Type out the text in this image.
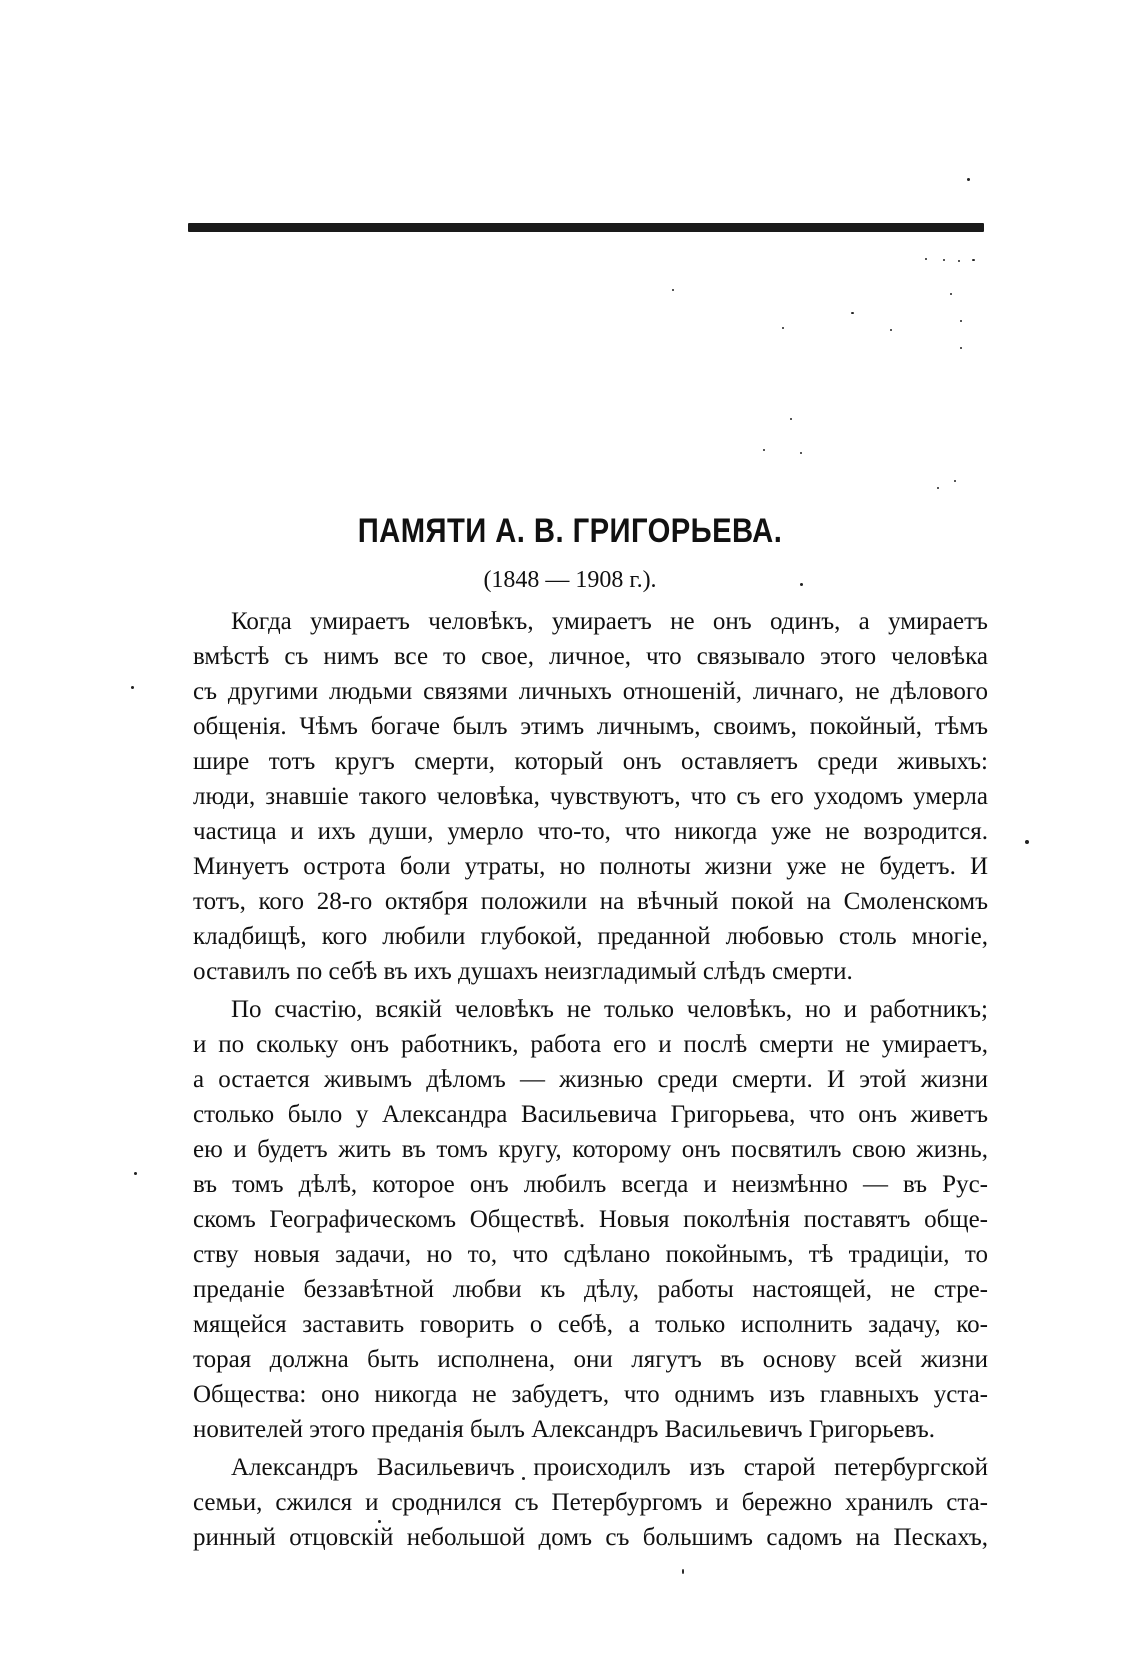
ПАМЯТИ А. В. ГРИГОРЬЕВА.

(1848 — 1908 г.).

Когда умираетъ человѣкъ, умираетъ не онъ одинъ, а умираетъ
вмѣстѣ съ нимъ все то свое, личное, что связывало этого человѣка
съ другими людьми связями личныхъ отношеній, личнаго, не дѣлового
общенія. Чѣмъ богаче былъ этимъ личнымъ, своимъ, покойный, тѣмъ
шире тотъ кругъ смерти, который онъ оставляетъ среди живыхъ:
люди, знавшіе такого человѣка, чувствуютъ, что съ его уходомъ умерла
частица и ихъ души, умерло что-то, что никогда уже не возродится.
Минуетъ острота боли утраты, но полноты жизни уже не будетъ. И
тотъ, кого 28-го октября положили на вѣчный покой на Смоленскомъ
кладбищѣ, кого любили глубокой, преданной любовью столь многіе,
оставилъ по себѣ въ ихъ душахъ неизгладимый слѣдъ смерти.
По счастію, всякій человѣкъ не только человѣкъ, но и работникъ;
и по скольку онъ работникъ, работа его и послѣ смерти не умираетъ,
а остается живымъ дѣломъ — жизнью среди смерти. И этой жизни
столько было у Александра Васильевича Григорьева, что онъ живетъ
ею и будетъ жить въ томъ кругу, которому онъ посвятилъ свою жизнь,
въ томъ дѣлѣ, которое онъ любилъ всегда и неизмѣнно — въ Рус-
скомъ Географическомъ Обществѣ. Новыя поколѣнія поставятъ обще-
ству новыя задачи, но то, что сдѣлано покойнымъ, тѣ традиціи, то
преданіе беззавѣтной любви къ дѣлу, работы настоящей, не стре-
мящейся заставить говорить о себѣ, а только исполнить задачу, ко-
торая должна быть исполнена, они лягутъ въ основу всей жизни
Общества: оно никогда не забудетъ, что однимъ изъ главныхъ уста-
новителей этого преданія былъ Александръ Васильевичъ Григорьевъ.
Александръ Васильевичъ происходилъ изъ старой петербургской
семьи, сжился и сроднился съ Петербургомъ и бережно хранилъ ста-
ринный отцовскій небольшой домъ съ большимъ садомъ на Пескахъ,
